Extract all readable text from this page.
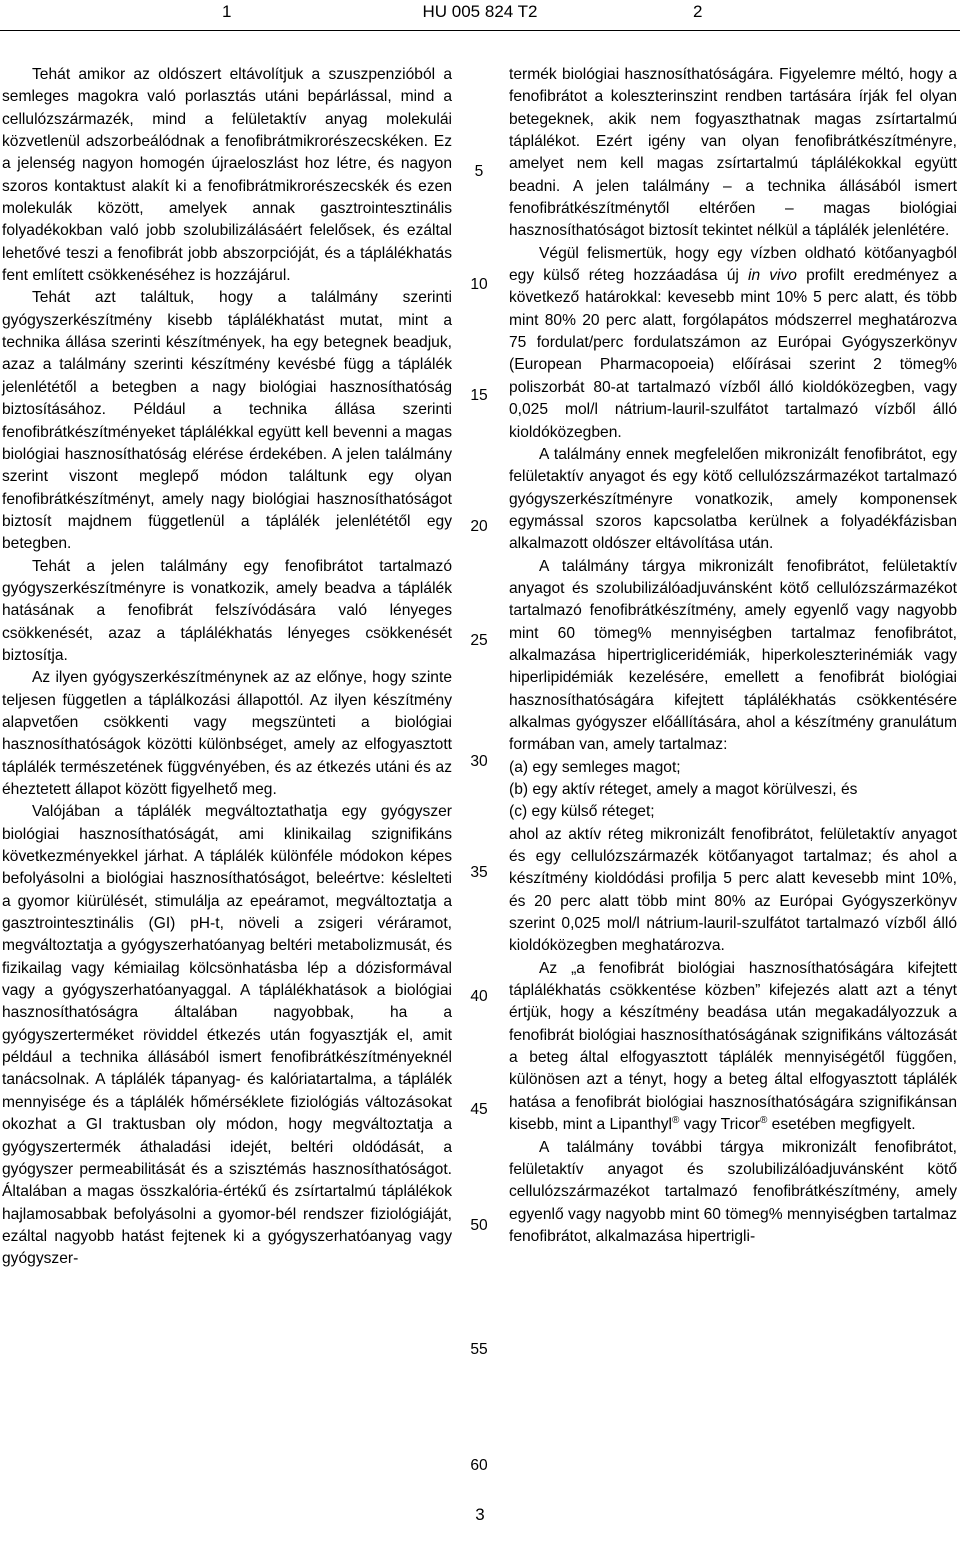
1	HU 005 824 T2	2

Tehát amikor az oldószert eltávolítjuk a szuszpenzióból a semleges magokra való porlasztás utáni bepárlással, mind a cellulózszármazék, mind a felületaktív anyag molekulái közvetlenül adszorbeálódnak a fenofibrátmikrorészecskéken. Ez a jelenség nagyon homogén újraeloszlást hoz létre, és nagyon szoros kontaktust alakít ki a fenofibrátmikrorészecskék és ezen molekulák között, amelyek annak gasztrointesztinális folyadékokban való jobb szolubilizálásáért felelősek, és ezáltal lehetővé teszi a fenofibrát jobb abszorpcióját, és a táplálékhatás fent említett csökkenéséhez is hozzájárul.

Tehát azt találtuk, hogy a találmány szerinti gyógyszerkészítmény kisebb táplálékhatást mutat, mint a technika állása szerinti készítmények, ha egy betegnek beadjuk, azaz a találmány szerinti készítmény kevésbé függ a táplálék jelenlététől a betegben a nagy biológiai hasznosíthatóság biztosításához. Például a technika állása szerinti fenofibrátkészítményeket táplálékkal együtt kell bevenni a magas biológiai hasznosíthatóság elérése érdekében. A jelen találmány szerint viszont meglepő módon találtunk egy olyan fenofibrátkészítményt, amely nagy biológiai hasznosíthatóságot biztosít majdnem függetlenül a táplálék jelenlététől egy betegben.

Tehát a jelen találmány egy fenofibrátot tartalmazó gyógyszerkészítményre is vonatkozik, amely beadva a táplálék hatásának a fenofibrát felszívódására való lényeges csökkenését, azaz a táplálékhatás lényeges csökkenését biztosítja.

Az ilyen gyógyszerkészítménynek az az előnye, hogy szinte teljesen független a táplálkozási állapottól. Az ilyen készítmény alapvetően csökkenti vagy megszünteti a biológiai hasznosíthatóságok közötti különbséget, amely az elfogyasztott táplálék természetének függvényében, és az étkezés utáni és az éheztetett állapot között figyelhető meg.

Valójában a táplálék megváltoztathatja egy gyógyszer biológiai hasznosíthatóságát, ami klinikailag szignifikáns következményekkel járhat. A táplálék különféle módokon képes befolyásolni a biológiai hasznosíthatóságot, beleértve: késlelteti a gyomor kiürülését, stimulálja az epeáramot, megváltoztatja a gasztrointesztinális (GI) pH-t, növeli a zsigeri véráramot, megváltoztatja a gyógyszerhatóanyag beltéri metabolizmusát, és fizikailag vagy kémiailag kölcsönhatásba lép a dózisformával vagy a gyógyszerhatóanyaggal. A táplálékhatások a biológiai hasznosíthatóságra általában nagyobbak, ha a gyógyszerterméket röviddel étkezés után fogyasztják el, amit például a technika állásából ismert fenofibrátkészítményeknél tanácsolnak. A táplálék tápanyag- és kalóriatartalma, a táplálék mennyisége és a táplálék hőmérséklete fiziológiás változásokat okozhat a GI traktusban oly módon, hogy megváltoztatja a gyógyszertermék áthaladási idejét, beltéri oldódását, a gyógyszer permeabilitását és a szisztémás hasznosíthatóságot. Általában a magas összkalória-értékű és zsírtartalmú táplálékok hajlamosabbak befolyásolni a gyomor-bél rendszer fiziológiáját, ezáltal nagyobb hatást fejtenek ki a gyógyszerhatóanyag vagy gyógyszer-

termék biológiai hasznosíthatóságára. Figyelemre méltó, hogy a fenofibrátot a koleszterinszint rendben tartására írják fel olyan betegeknek, akik nem fogyaszthatnak magas zsírtartalmú táplálékot. Ezért igény van olyan fenofibrátkészítményre, amelyet nem kell magas zsírtartalmú táplálékokkal együtt beadni. A jelen találmány – a technika állásából ismert fenofibrátkészítménytől eltérően – magas biológiai hasznosíthatóságot biztosít tekintet nélkül a táplálék jelenlétére.

Végül felismertük, hogy egy vízben oldható kötőanyagból egy külső réteg hozzáadása új in vivo profilt eredményez a következő határokkal: kevesebb mint 10% 5 perc alatt, és több mint 80% 20 perc alatt, forgólapátos módszerrel meghatározva 75 fordulat/perc fordulatszámon az Európai Gyógyszerkönyv (European Pharmacopoeia) előírásai szerint 2 tömeg% poliszorbát 80-at tartalmazó vízből álló kioldóközegben, vagy 0,025 mol/l nátrium-lauril-szulfátot tartalmazó vízből álló kioldóközegben.

A találmány ennek megfelelően mikronizált fenofibrátot, egy felületaktív anyagot és egy kötő cellulózszármazékot tartalmazó gyógyszerkészítményre vonatkozik, amely komponensek egymással szoros kapcsolatba kerülnek a folyadékfázisban alkalmazott oldószer eltávolítása után.

A találmány tárgya mikronizált fenofibrátot, felületaktív anyagot és szolubilizálóadjuvánsként kötő cellulózszármazékot tartalmazó fenofibrátkészítmény, amely egyenlő vagy nagyobb mint 60 tömeg% mennyiségben tartalmaz fenofibrátot, alkalmazása hipertrigliceridémiák, hiperkoleszterinémiák vagy hiperlipidémiák kezelésére, emellett a fenofibrát biológiai hasznosíthatóságára kifejtett táplálékhatás csökkentésére alkalmas gyógyszer előállítására, ahol a készítmény granulátum formában van, amely tartalmaz:

(a) egy semleges magot;

(b) egy aktív réteget, amely a magot körülveszi, és

(c) egy külső réteget;

ahol az aktív réteg mikronizált fenofibrátot, felületaktív anyagot és egy cellulózszármazék kötőanyagot tartalmaz; és ahol a készítmény kioldódási profilja 5 perc alatt kevesebb mint 10%, és 20 perc alatt több mint 80% az Európai Gyógyszerkönyv szerint 0,025 mol/l nátrium-lauril-szulfátot tartalmazó vízből álló kioldóközegben meghatározva.

Az „a fenofibrát biológiai hasznosíthatóságára kifejtett táplálékhatás csökkentése közben” kifejezés alatt azt a tényt értjük, hogy a készítmény beadása után megakadályozzuk a fenofibrát biológiai hasznosíthatóságának szignifikáns változását a beteg által elfogyasztott táplálék mennyiségétől függően, különösen azt a tényt, hogy a beteg által elfogyasztott táplálék hatása a fenofibrát biológiai hasznosíthatóságára szignifikánsan kisebb, mint a Lipanthyl® vagy Tricor® esetében megfigyelt.

A találmány további tárgya mikronizált fenofibrátot, felületaktív anyagot és szolubilizálóadjuvánsként kötő cellulózszármazékot tartalmazó fenofibrátkészítmény, amely egyenlő vagy nagyobb mint 60 tömeg% mennyiségben tartalmaz fenofibrátot, alkalmazása hipertrigli-

5
10
15
20
25
30
35
40
45
50
55
60
3
